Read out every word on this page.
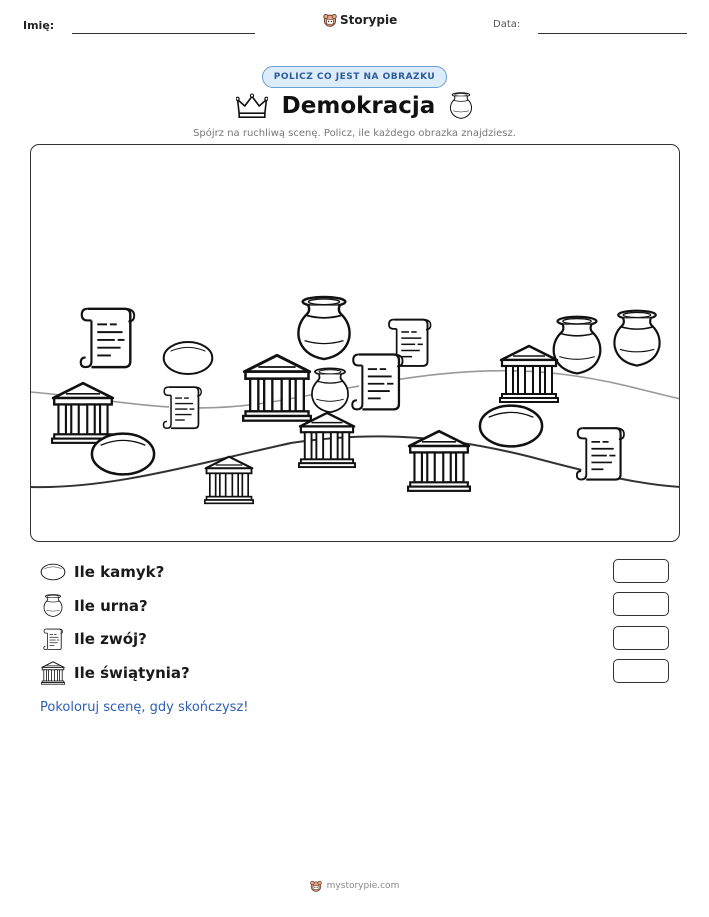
Imię:	Storypie	Data:
POLICZ CO JEST NA OBRAZKU
Demokracja
Spójrz na ruchliwą scenę. Policz, ile każdego obrazka znajdziesz.
Ile kamyk?
Ile urna?
Ile zwój?
Ile świątynia?
Pokoloruj scenę, gdy skończysz!
mystorypie.com
